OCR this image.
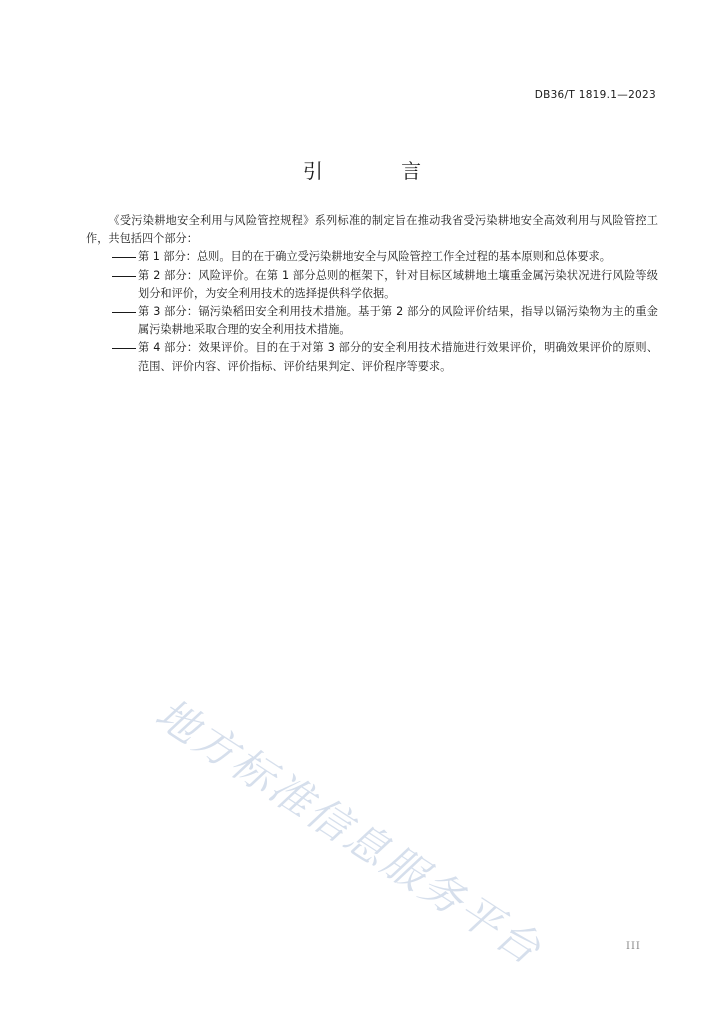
DB36/T 1819.1—2023
引 言

《受污染耕地安全利用与风险管控规程》系列标准的制定旨在推动我省受污染耕地安全高效利用与风险管控工作，共包括四个部分：

第 1 部分：总则。目的在于确立受污染耕地安全与风险管控工作全过程的基本原则和总体要求。

第 2 部分：风险评价。在第 1 部分总则的框架下，针对目标区域耕地土壤重金属污染状况进行风险等级划分和评价，为安全利用技术的选择提供科学依据。

第 3 部分：镉污染稻田安全利用技术措施。基于第 2 部分的风险评价结果，指导以镉污染物为主的重金属污染耕地采取合理的安全利用技术措施。

第 4 部分：效果评价。目的在于对第 3 部分的安全利用技术措施进行效果评价，明确效果评价的原则、范围、评价内容、评价指标、评价结果判定、评价程序等要求。

地方标准信息服务平台	III
